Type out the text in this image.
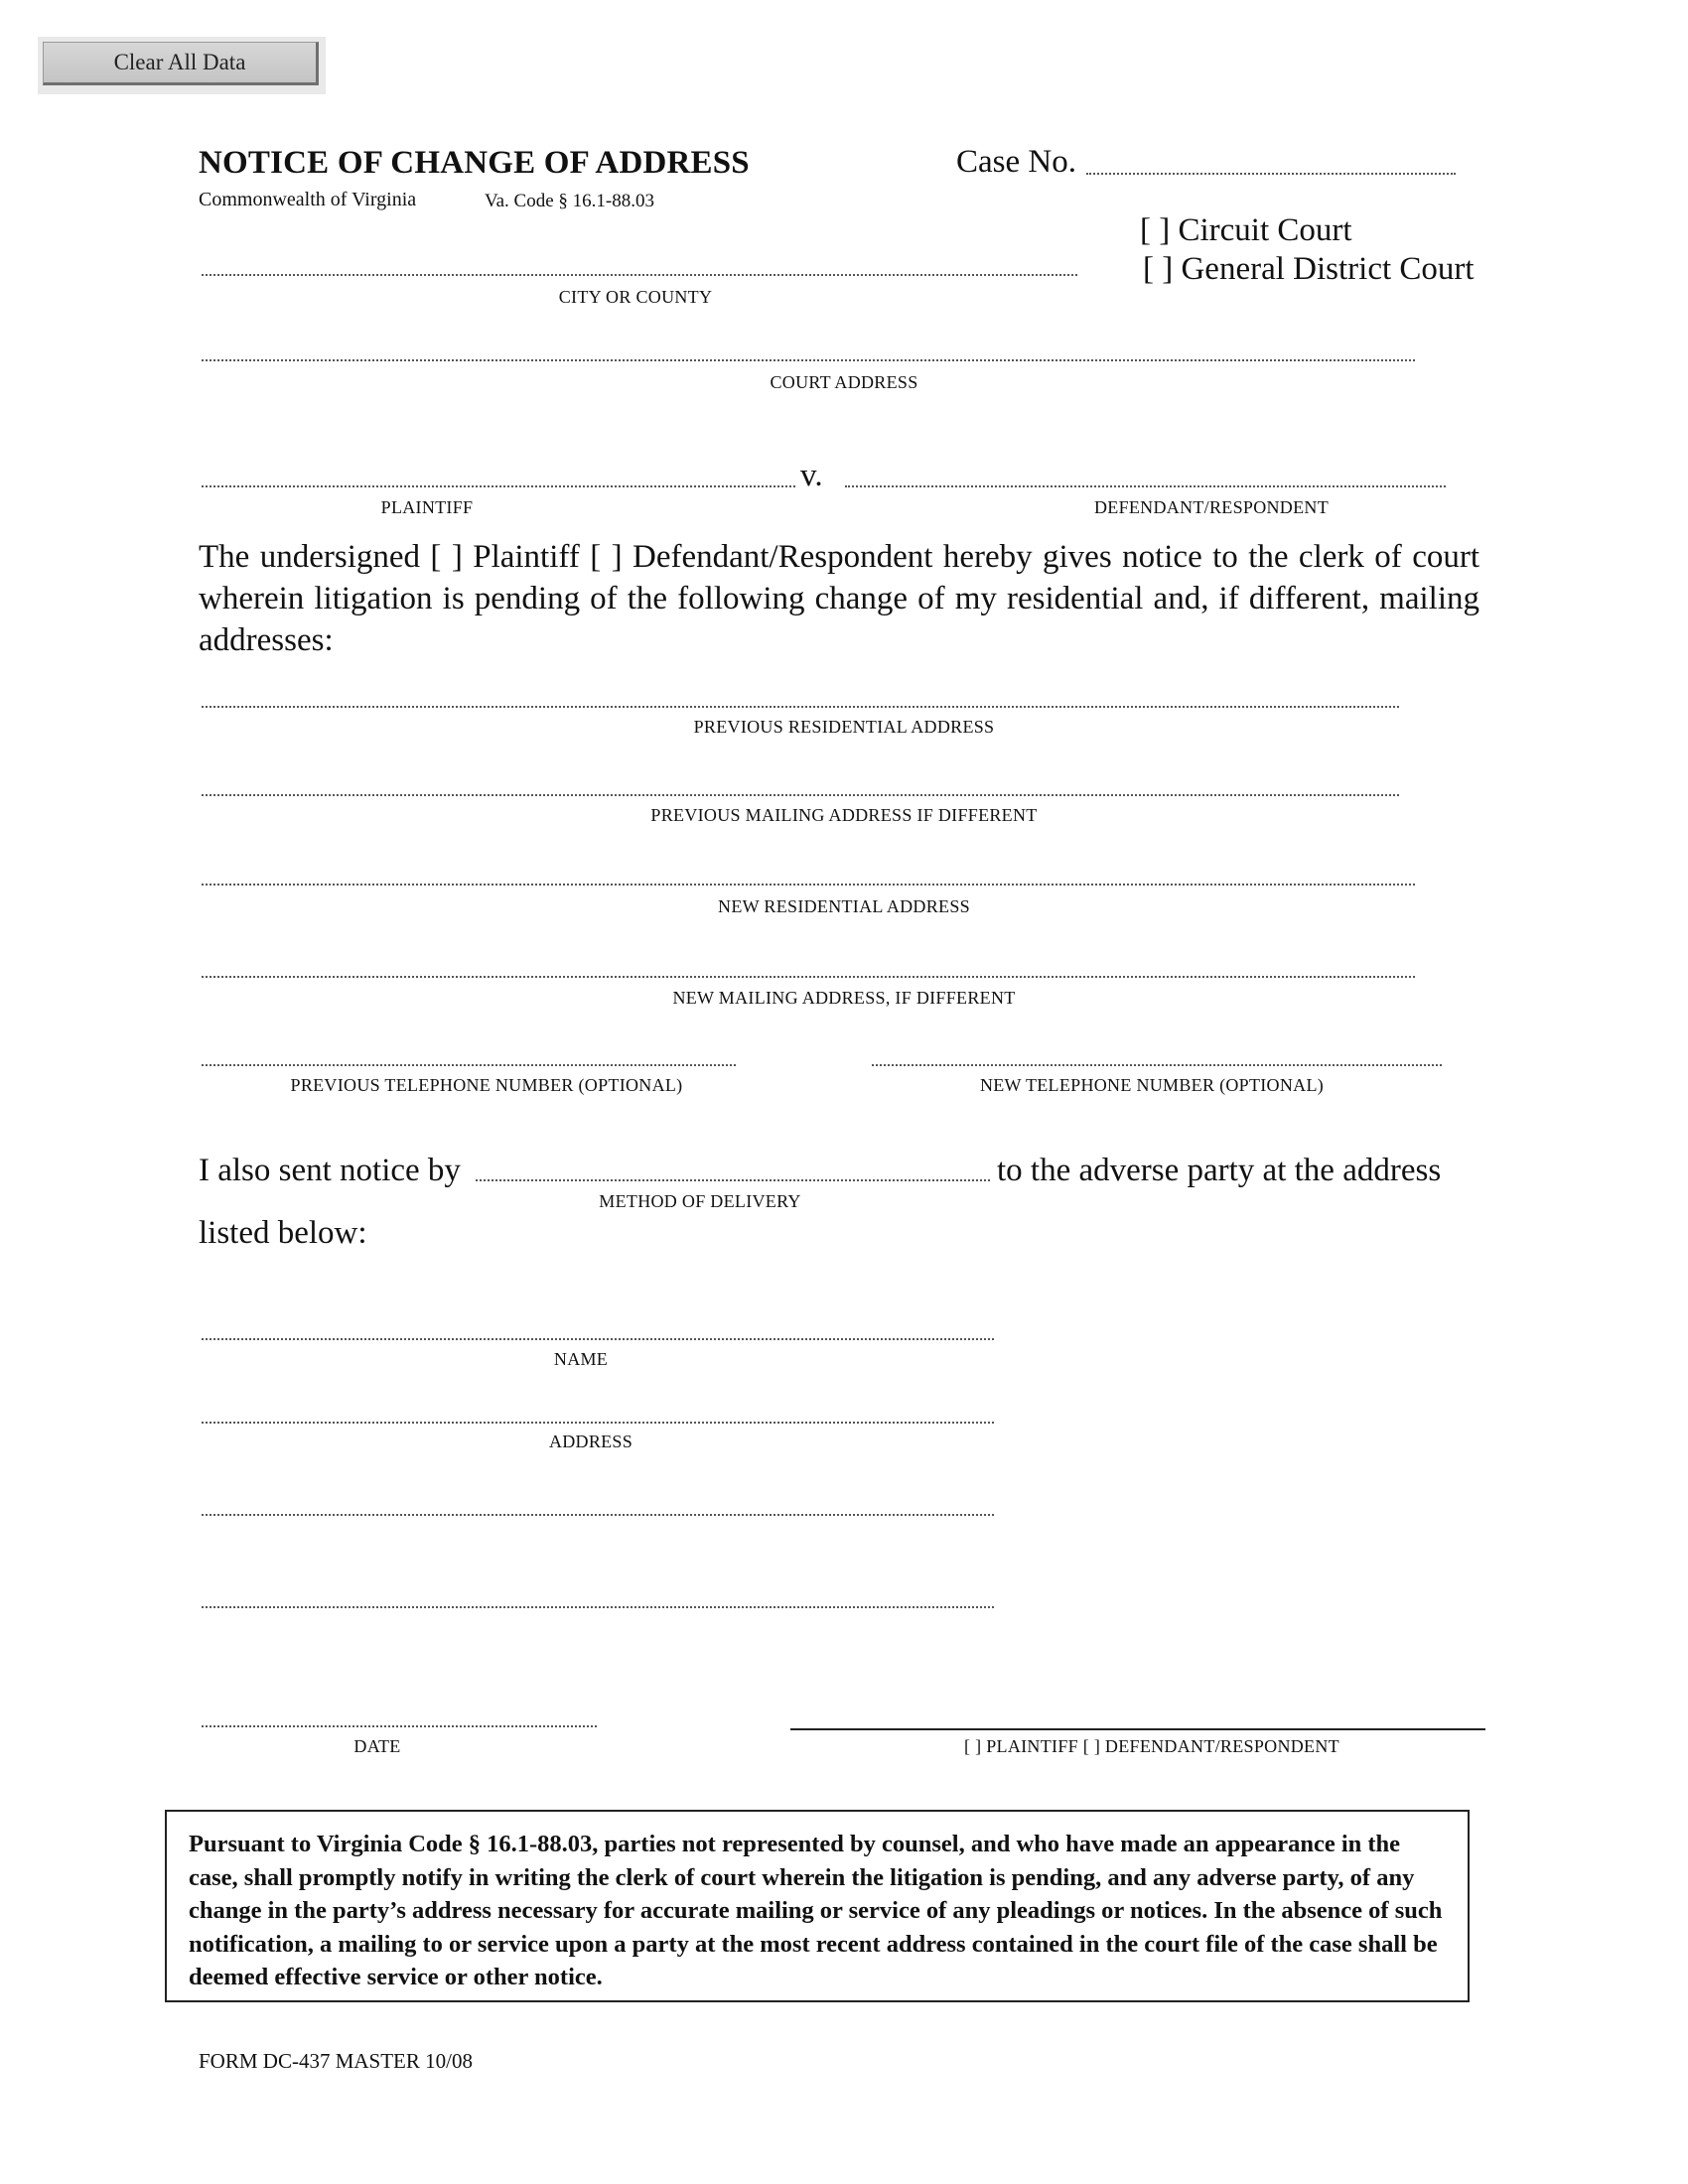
Clear All Data
NOTICE OF CHANGE OF ADDRESS
Commonwealth of Virginia	Va. Code § 16.1-88.03
Case No.
[ ] Circuit Court
[ ] General District Court
CITY OR COUNTY
COURT ADDRESS
v.
PLAINTIFF	DEFENDANT/RESPONDENT
The undersigned [ ] Plaintiff [ ] Defendant/Respondent hereby gives notice to the clerk of court wherein litigation is pending of the following change of my residential and, if different, mailing addresses:
PREVIOUS RESIDENTIAL ADDRESS
PREVIOUS MAILING ADDRESS IF DIFFERENT
NEW RESIDENTIAL ADDRESS
NEW MAILING ADDRESS, IF DIFFERENT
PREVIOUS TELEPHONE NUMBER (OPTIONAL)	NEW TELEPHONE NUMBER (OPTIONAL)
I also sent notice by	to the adverse party at the address
METHOD OF DELIVERY
listed below:
NAME
ADDRESS
DATE	[ ] PLAINTIFF [ ] DEFENDANT/RESPONDENT
Pursuant to Virginia Code § 16.1-88.03, parties not represented by counsel, and who have made an appearance in the case, shall promptly notify in writing the clerk of court wherein the litigation is pending, and any adverse party, of any change in the party’s address necessary for accurate mailing or service of any pleadings or notices. In the absence of such notification, a mailing to or service upon a party at the most recent address contained in the court file of the case shall be deemed effective service or other notice.
FORM DC-437 MASTER 10/08
